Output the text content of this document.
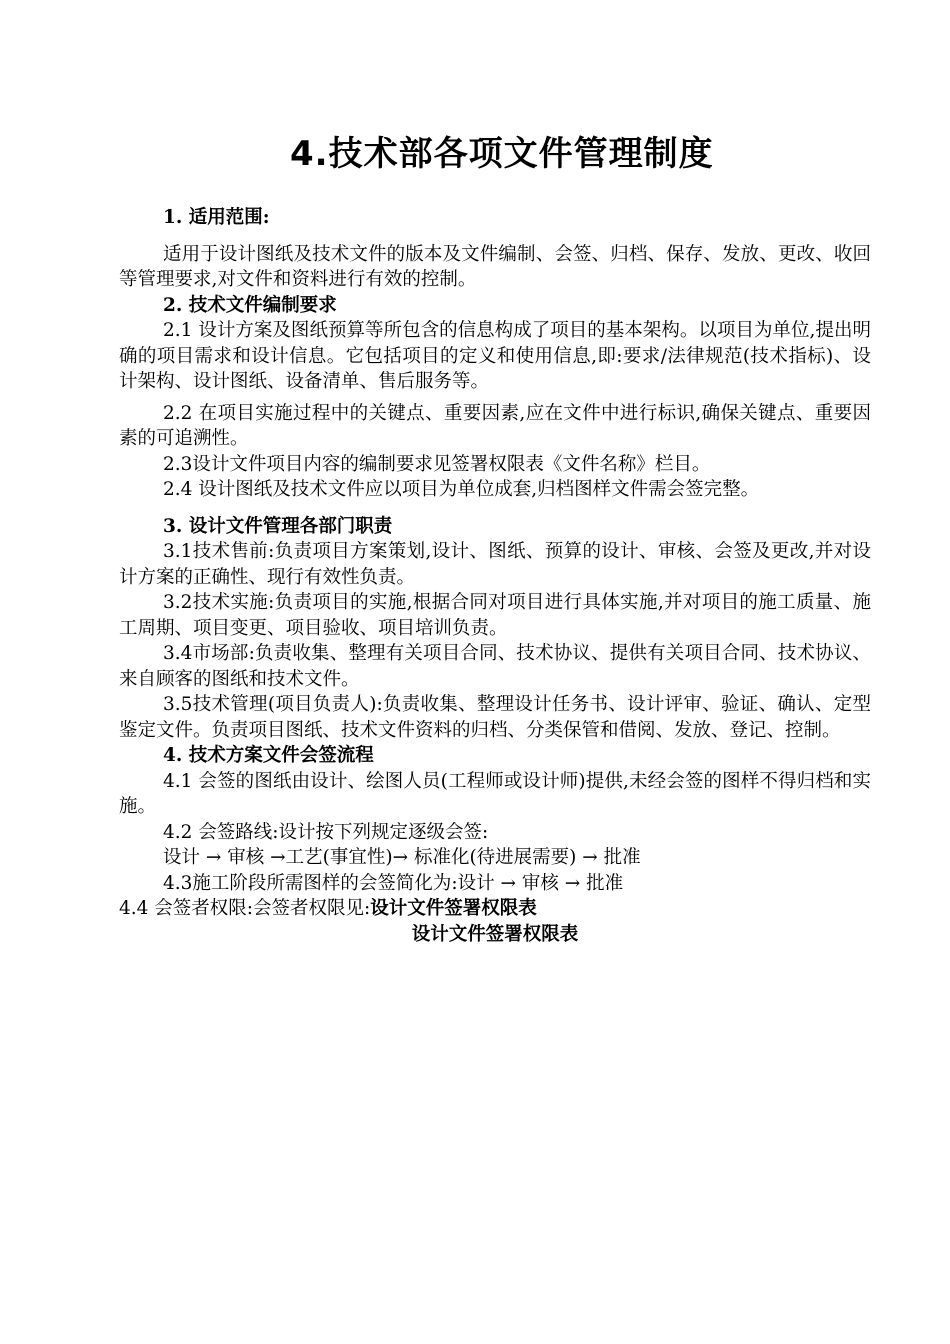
4.技术部各项文件管理制度

1. 适用范围:

适用于设计图纸及技术文件的版本及文件编制、会签、归档、保存、发放、更改、收回等管理要求,对文件和资料进行有效的控制。

2. 技术文件编制要求

2.1 设计方案及图纸预算等所包含的信息构成了项目的基本架构。以项目为单位,提出明确的项目需求和设计信息。它包括项目的定义和使用信息,即:要求/法律规范(技术指标)、设计架构、设计图纸、设备清单、售后服务等。

2.2 在项目实施过程中的关键点、重要因素,应在文件中进行标识,确保关键点、重要因素的可追溯性。

2.3设计文件项目内容的编制要求见签署权限表《文件名称》栏目。

2.4 设计图纸及技术文件应以项目为单位成套,归档图样文件需会签完整。

3. 设计文件管理各部门职责

3.1技术售前:负责项目方案策划,设计、图纸、预算的设计、审核、会签及更改,并对设计方案的正确性、现行有效性负责。

3.2技术实施:负责项目的实施,根据合同对项目进行具体实施,并对项目的施工质量、施工周期、项目变更、项目验收、项目培训负责。

3.4市场部:负责收集、整理有关项目合同、技术协议、提供有关项目合同、技术协议、来自顾客的图纸和技术文件。

3.5技术管理(项目负责人):负责收集、整理设计任务书、设计评审、验证、确认、定型鉴定文件。负责项目图纸、技术文件资料的归档、分类保管和借阅、发放、登记、控制。

4. 技术方案文件会签流程

4.1 会签的图纸由设计、绘图人员(工程师或设计师)提供,未经会签的图样不得归档和实施。

4.2 会签路线:设计按下列规定逐级会签:

设计 → 审核 →工艺(事宜性)→ 标准化(待进展需要) → 批准

4.3施工阶段所需图样的会签简化为:设计 → 审核 → 批准

4.4 会签者权限:会签者权限见:设计文件签署权限表

设计文件签署权限表
